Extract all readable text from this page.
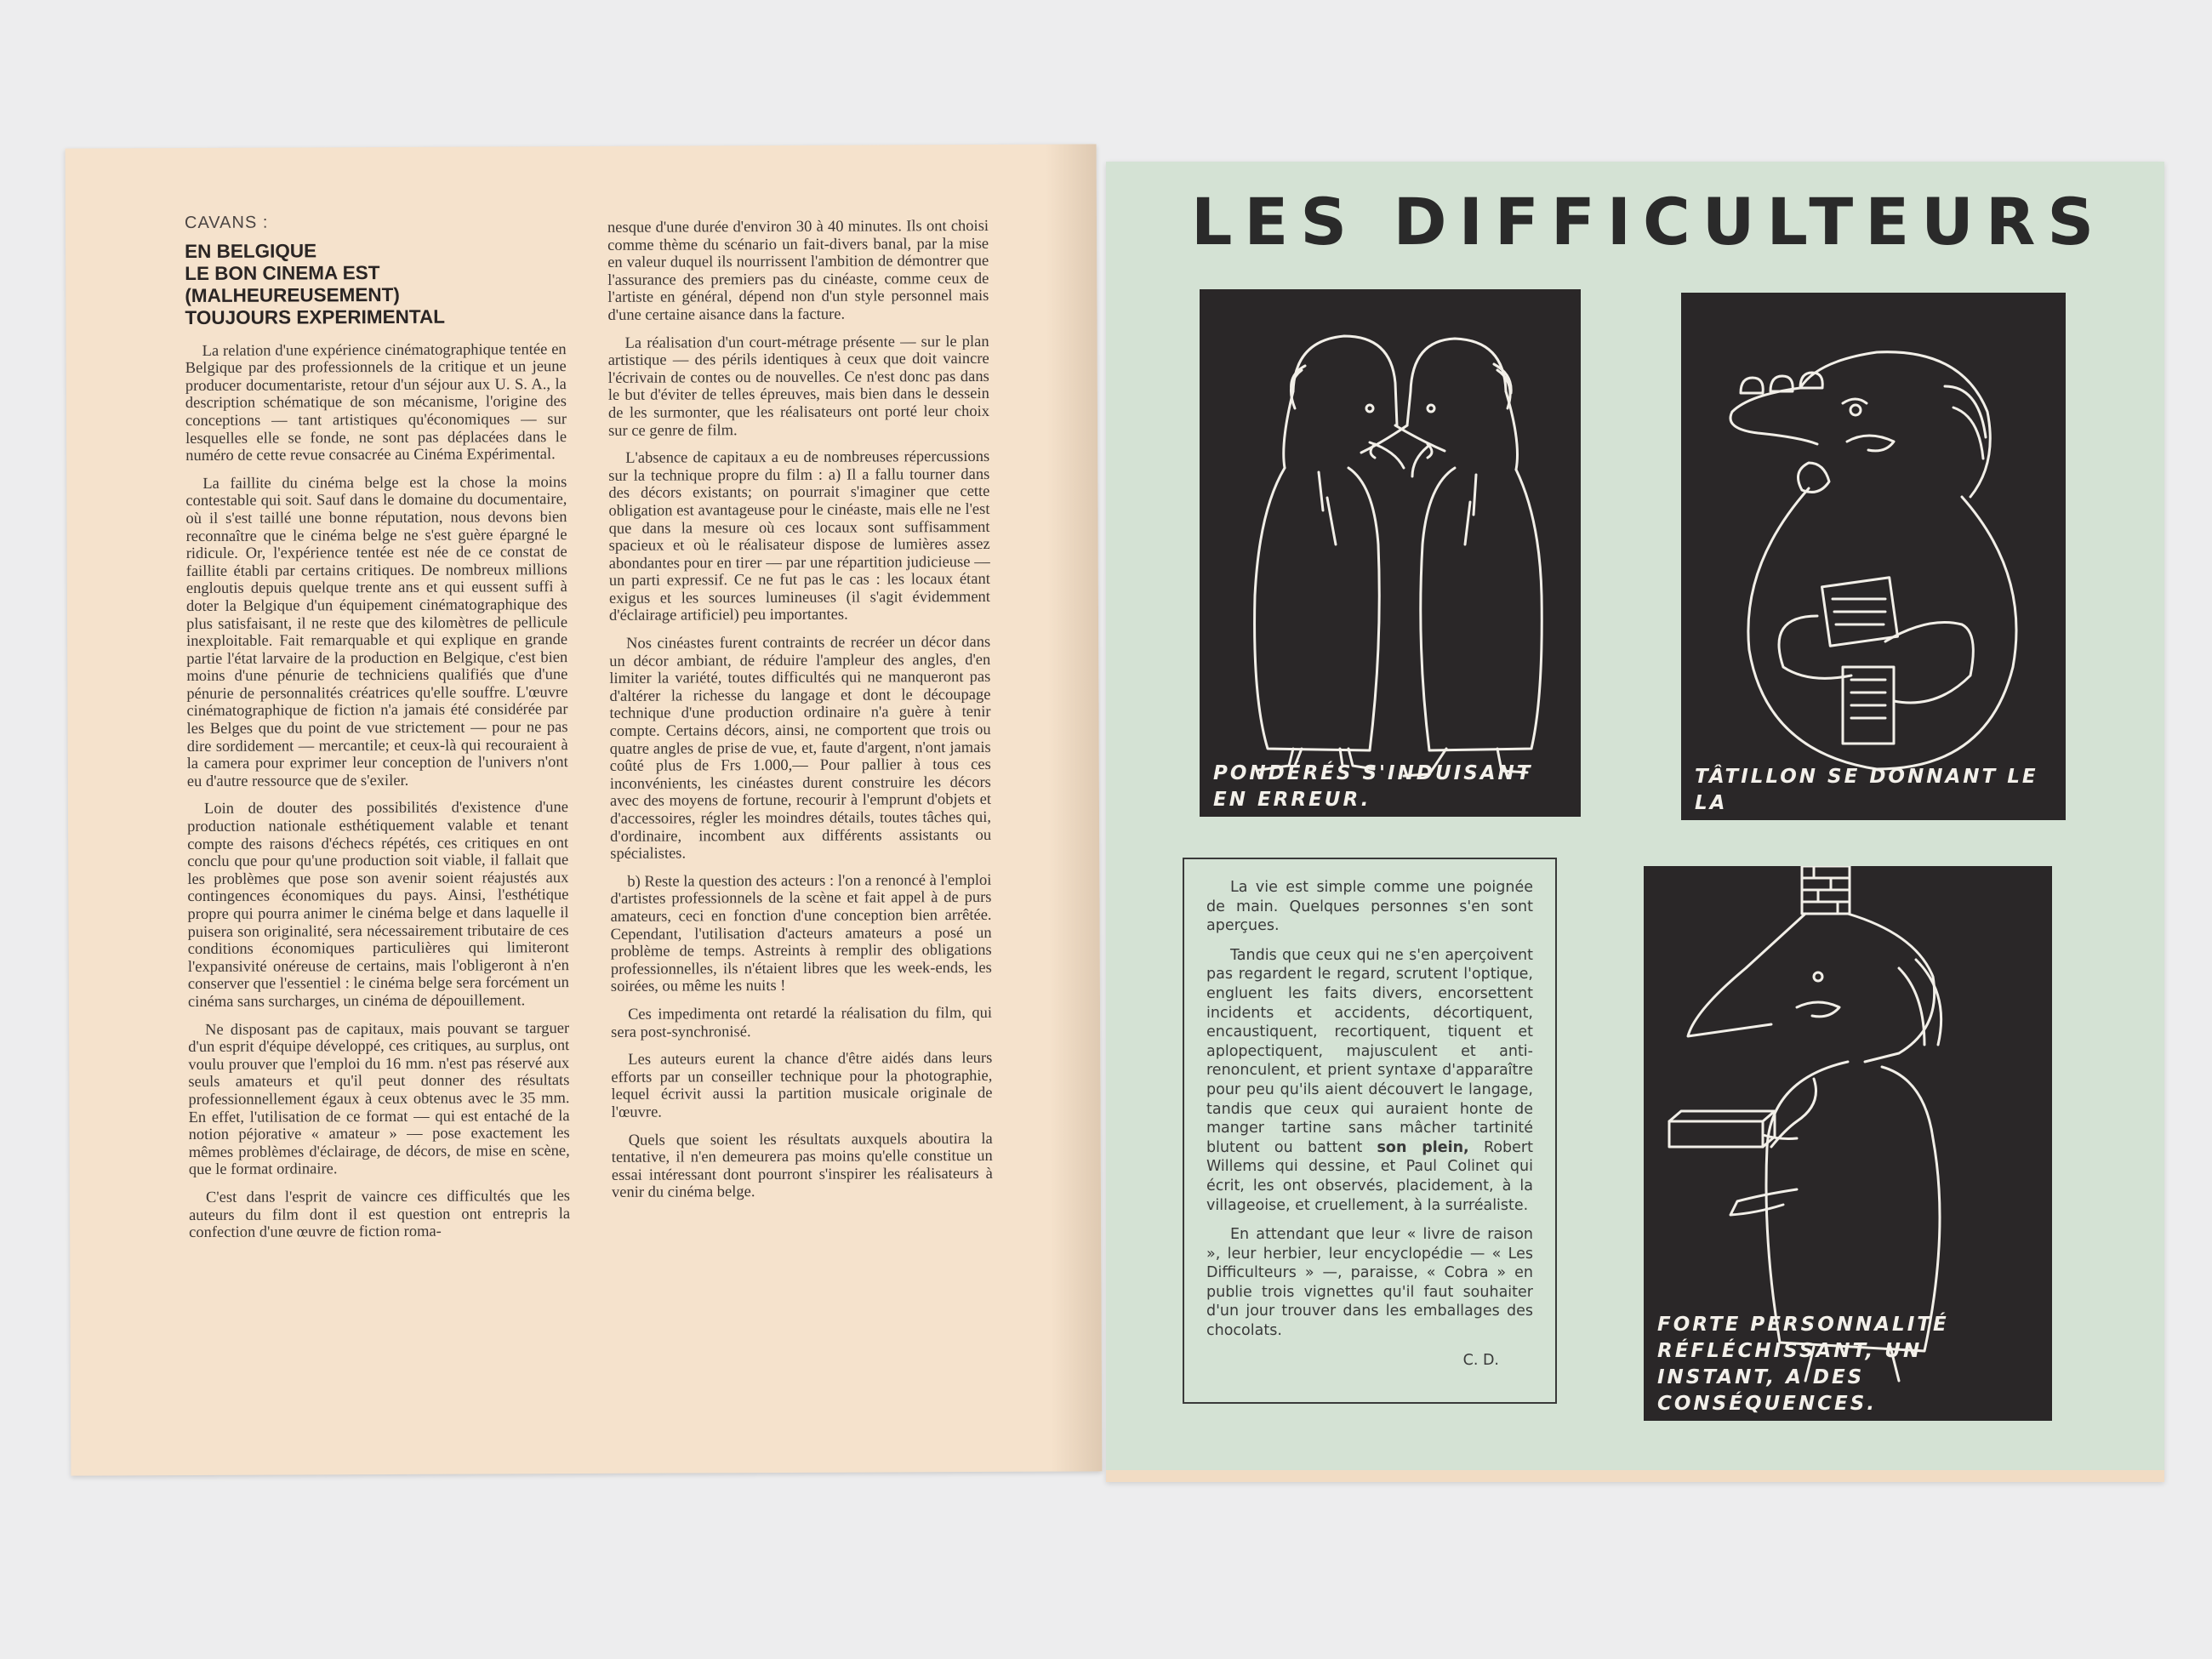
CAVANS :
EN BELGIQUE
LE BON CINEMA EST
(MALHEUREUSEMENT)
TOUJOURS EXPERIMENTAL

La relation d'une expérience cinématographique tentée en Belgique par des professionnels de la critique et un jeune producer documentariste, retour d'un séjour aux U. S. A., la description schématique de son mécanisme, l'origine des conceptions — tant artistiques qu'économiques — sur lesquelles elle se fonde, ne sont pas déplacées dans le numéro de cette revue consacrée au Cinéma Expérimental.

La faillite du cinéma belge est la chose la moins contestable qui soit. Sauf dans le domaine du documentaire, où il s'est taillé une bonne réputation, nous devons bien reconnaître que le cinéma belge ne s'est guère épargné le ridicule. Or, l'expérience tentée est née de ce constat de faillite établi par certains critiques. De nombreux millions engloutis depuis quelque trente ans et qui eussent suffi à doter la Belgique d'un équipement cinématographique des plus satisfaisant, il ne reste que des kilomètres de pellicule inexploitable. Fait remarquable et qui explique en grande partie l'état larvaire de la production en Belgique, c'est bien moins d'une pénurie de techniciens qualifiés que d'une pénurie de personnalités créatrices qu'elle souffre. L'œuvre cinématographique de fiction n'a jamais été considérée par les Belges que du point de vue strictement — pour ne pas dire sordidement — mercantile; et ceux-là qui recouraient à la camera pour exprimer leur conception de l'univers n'ont eu d'autre ressource que de s'exiler.

Loin de douter des possibilités d'existence d'une production nationale esthétiquement valable et tenant compte des raisons d'échecs répétés, ces critiques en ont conclu que pour qu'une production soit viable, il fallait que les problèmes que pose son avenir soient réajustés aux contingences économiques du pays. Ainsi, l'esthétique propre qui pourra animer le cinéma belge et dans laquelle il puisera son originalité, sera nécessairement tributaire de ces conditions économiques particulières qui limiteront l'expansivité onéreuse de certains, mais l'obligeront à n'en conserver que l'essentiel : le cinéma belge sera forcément un cinéma sans surcharges, un cinéma de dépouillement.

Ne disposant pas de capitaux, mais pouvant se targuer d'un esprit d'équipe développé, ces critiques, au surplus, ont voulu prouver que l'emploi du 16 mm. n'est pas réservé aux seuls amateurs et qu'il peut donner des résultats professionnellement égaux à ceux obtenus avec le 35 mm. En effet, l'utilisation de ce format — qui est entaché de la notion péjorative « amateur » — pose exactement les mêmes problèmes d'éclairage, de décors, de mise en scène, que le format ordinaire.

C'est dans l'esprit de vaincre ces difficultés que les auteurs du film dont il est question ont entrepris la confection d'une œuvre de fiction roma-

nesque d'une durée d'environ 30 à 40 minutes. Ils ont choisi comme thème du scénario un fait-divers banal, par la mise en valeur duquel ils nourrissent l'ambition de démontrer que l'assurance des premiers pas du cinéaste, comme ceux de l'artiste en général, dépend non d'un style personnel mais d'une certaine aisance dans la facture.

La réalisation d'un court-métrage présente — sur le plan artistique — des périls identiques à ceux que doit vaincre l'écrivain de contes ou de nouvelles. Ce n'est donc pas dans le but d'éviter de telles épreuves, mais bien dans le dessein de les surmonter, que les réalisateurs ont porté leur choix sur ce genre de film.

L'absence de capitaux a eu de nombreuses répercussions sur la technique propre du film : a) Il a fallu tourner dans des décors existants; on pourrait s'imaginer que cette obligation est avantageuse pour le cinéaste, mais elle ne l'est que dans la mesure où ces locaux sont suffisamment spacieux et où le réalisateur dispose de lumières assez abondantes pour en tirer — par une répartition judicieuse — un parti expressif. Ce ne fut pas le cas : les locaux étant exigus et les sources lumineuses (il s'agit évidemment d'éclairage artificiel) peu importantes.

Nos cinéastes furent contraints de recréer un décor dans un décor ambiant, de réduire l'ampleur des angles, d'en limiter la variété, toutes difficultés qui ne manqueront pas d'altérer la richesse du langage et dont le découpage technique d'une production ordinaire n'a guère à tenir compte. Certains décors, ainsi, ne comportent que trois ou quatre angles de prise de vue, et, faute d'argent, n'ont jamais coûté plus de Frs 1.000,— Pour pallier à tous ces inconvénients, les cinéastes durent construire les décors avec des moyens de fortune, recourir à l'emprunt d'objets et d'accessoires, régler les moindres détails, toutes tâches qui, d'ordinaire, incombent aux différents assistants ou spécialistes.

b) Reste la question des acteurs : l'on a renoncé à l'emploi d'artistes professionnels de la scène et fait appel à de purs amateurs, ceci en fonction d'une conception bien arrêtée. Cependant, l'utilisation d'acteurs amateurs a posé un problème de temps. Astreints à remplir des obligations professionnelles, ils n'étaient libres que les week-ends, les soirées, ou même les nuits !

Ces impedimenta ont retardé la réalisation du film, qui sera post-synchronisé.

Les auteurs eurent la chance d'être aidés dans leurs efforts par un conseiller technique pour la photographie, lequel écrivit aussi la partition musicale originale de l'œuvre.

Quels que soient les résultats auxquels aboutira la tentative, il n'en demeurera pas moins qu'elle constitue un essai intéressant dont pourront s'inspirer les réalisateurs à venir du cinéma belge.

LES DIFFICULTEURS
PONDÉRÉS S'INDUISANT EN ERREUR.
TÂTILLON SE DONNANT LE LA

La vie est simple comme une poignée de main. Quelques personnes s'en sont aperçues.

Tandis que ceux qui ne s'en aperçoivent pas regardent le regard, scrutent l'optique, engluent les faits divers, encorsettent incidents et accidents, décortiquent, encaustiquent, recortiquent, tiquent et aplopectiquent, majusculent et anti-renonculent, et prient syntaxe d'apparaître pour peu qu'ils aient découvert le langage, tandis que ceux qui auraient honte de manger tartine sans mâcher tartinité blutent ou battent son plein, Robert Willems qui dessine, et Paul Colinet qui écrit, les ont observés, placidement, à la villageoise, et cruellement, à la surréaliste.

En attendant que leur « livre de raison », leur herbier, leur encyclopédie — « Les Difficulteurs » —, paraisse, « Cobra » en publie trois vignettes qu'il faut souhaiter d'un jour trouver dans les emballages des chocolats.

C. D.

FORTE PERSONNALITÉ RÉFLÉCHISSANT, UN INSTANT, A DES CONSÉQUENCES.
